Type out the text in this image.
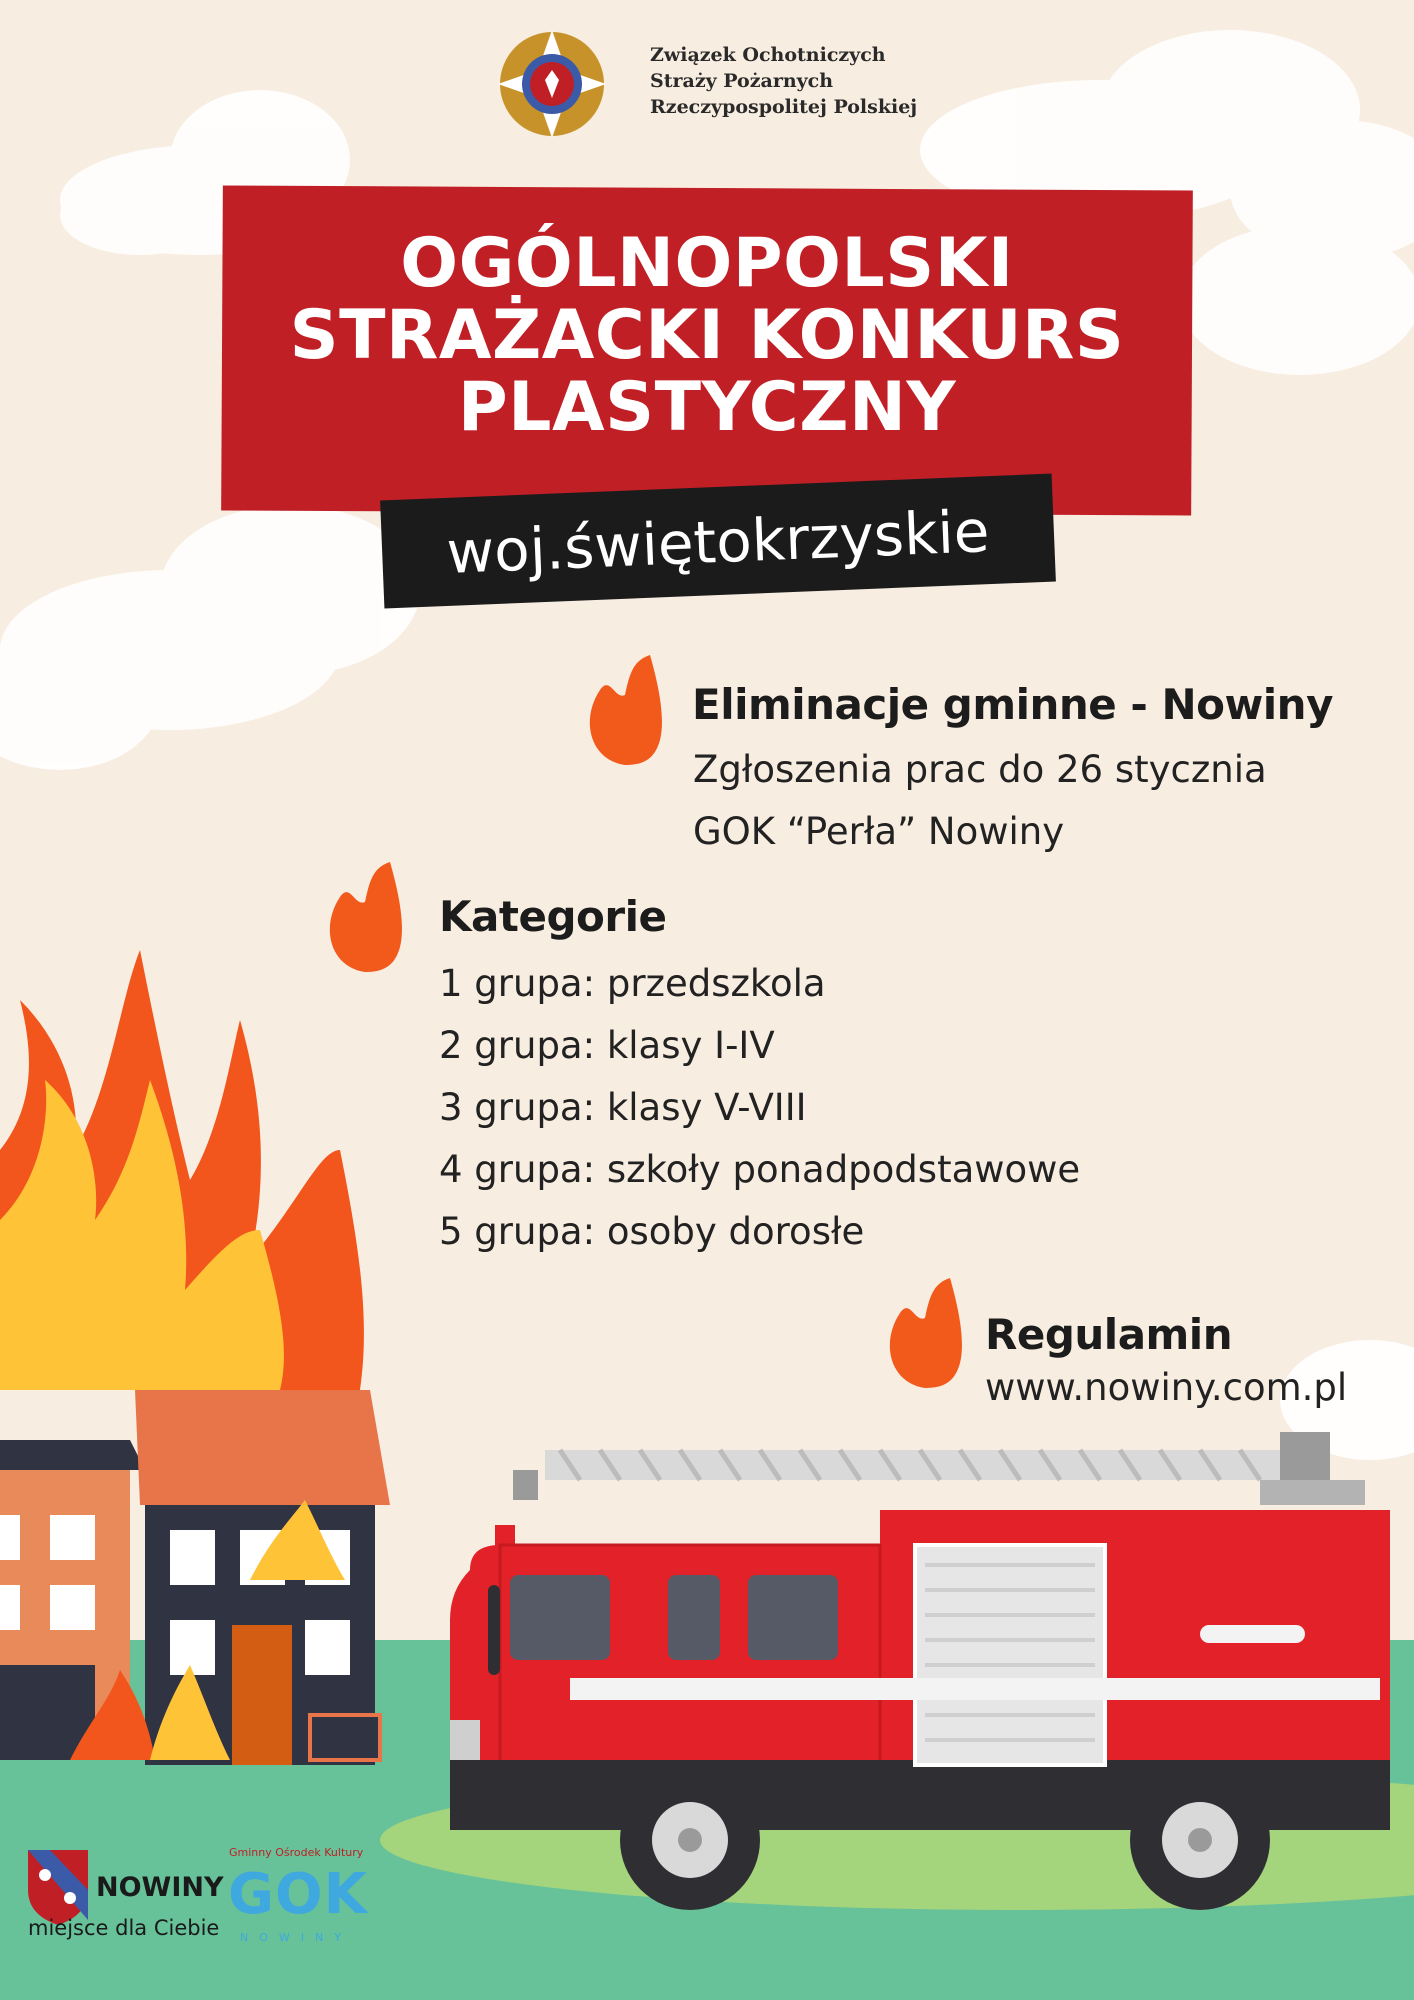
Związek Ochotniczych
Straży Pożarnych
Rzeczypospolitej Polskiej
OGÓLNOPOLSKI
STRAŻACKI KONKURS
PLASTYCZNY
woj.świętokrzyskie
Eliminacje gminne - Nowiny
Zgłoszenia prac do 26 stycznia
GOK “Perła” Nowiny
Kategorie
1 grupa: przedszkola
2 grupa: klasy I-IV
3 grupa: klasy V-VIII
4 grupa: szkoły ponadpodstawowe
5 grupa: osoby dorosłe
Regulamin
www.nowiny.com.pl
NOWINY
miejsce dla Ciebie
Gminny Ośrodek Kultury
GOK
NOWINY
